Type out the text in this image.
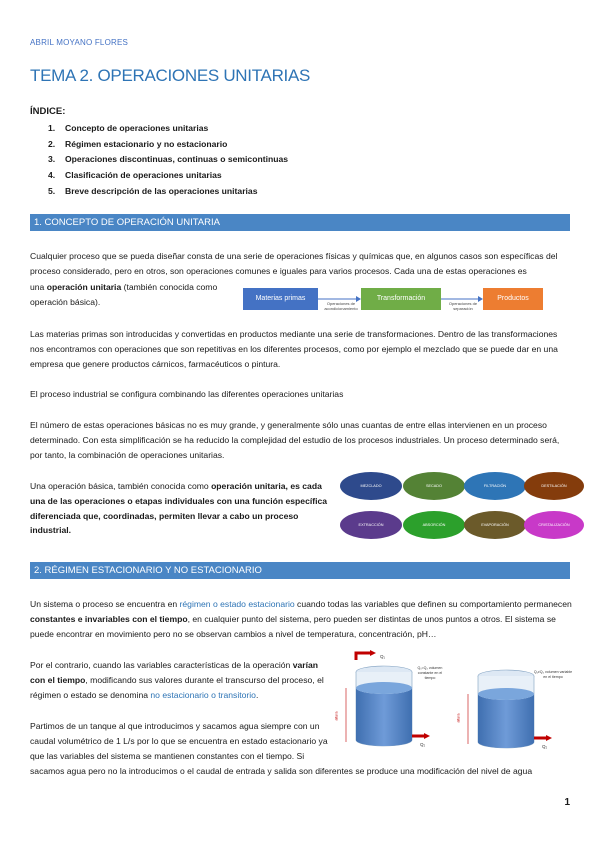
ABRIL MOYANO FLORES
TEMA 2. OPERACIONES UNITARIAS
ÍNDICE:
1. Concepto de operaciones unitarias
2. Régimen estacionario y no estacionario
3. Operaciones discontinuas, continuas o semicontinuas
4. Clasificación de operaciones unitarias
5. Breve descripción de las operaciones unitarias
1. CONCEPTO DE OPERACIÓN UNITARIA
Cualquier proceso que se pueda diseñar consta de una serie de operaciones físicas y químicas que, en algunos casos son específicas del proceso considerado, pero en otros, son operaciones comunes e iguales para varios procesos. Cada una de estas operaciones es
una operación unitaria (también conocida como operación básica).	Materias primas	Transformación	Productos
Operaciones de acondicionamiento
Operaciones de separación
Las materias primas son introducidas y convertidas en productos mediante una serie de transformaciones. Dentro de las transformaciones nos encontramos con operaciones que son repetitivas en los diferentes procesos, como por ejemplo el mezclado que se puede dar en una empresa que genere productos cárnicos, farmacéuticos o pintura.
El proceso industrial se configura combinando las diferentes operaciones unitarias
El número de estas operaciones básicas no es muy grande, y generalmente sólo unas cuantas de entre ellas intervienen en un proceso determinado. Con esta simplificación se ha reducido la complejidad del estudio de los procesos industriales. Un proceso determinado será, por tanto, la combinación de operaciones unitarias.
Una operación básica, también conocida como operación unitaria, es cada una de las operaciones o etapas individuales con una función específica diferenciada que, coordinadas, permiten llevar a cabo un proceso industrial.
MEZCLADO	SECADO	FILTRACIÓN	DESTILACIÓN
EXTRACCIÓN	ABSORCIÓN	EVAPORACIÓN	CRISTALIZACIÓN
2. RÉGIMEN ESTACIONARIO Y NO ESTACIONARIO
Un sistema o proceso se encuentra en régimen o estado estacionario cuando todas las variables que definen su comportamiento permanecen constantes e invariables con el tiempo, en cualquier punto del sistema, pero pueden ser distintas de unos puntos a otros. El sistema se puede encontrar en movimiento pero no se observan cambios a nivel de temperatura, concentración, pH…
Por el contrario, cuando las variables características de la operación varían con el tiempo, modificando sus valores durante el transcurso del proceso, el régimen o estado se denomina no estacionario o transitorio.
Partimos de un tanque al que introducimos y sacamos agua siempre con un caudal volumétrico de 1 L/s por lo que se encuentra en estado estacionario ya que las variables del sistema se mantienen constantes con el tiempo. Si
sacamos agua pero no la introducimos o el caudal de entrada y salida son diferentes se produce una modificación del nivel de agua
Q₁=Q₂ volumen constante en el tiempo
Q₁≠Q₂ volumen variable en el tiempo
altura	altura
Q₁
Q₂	Q₂
1
